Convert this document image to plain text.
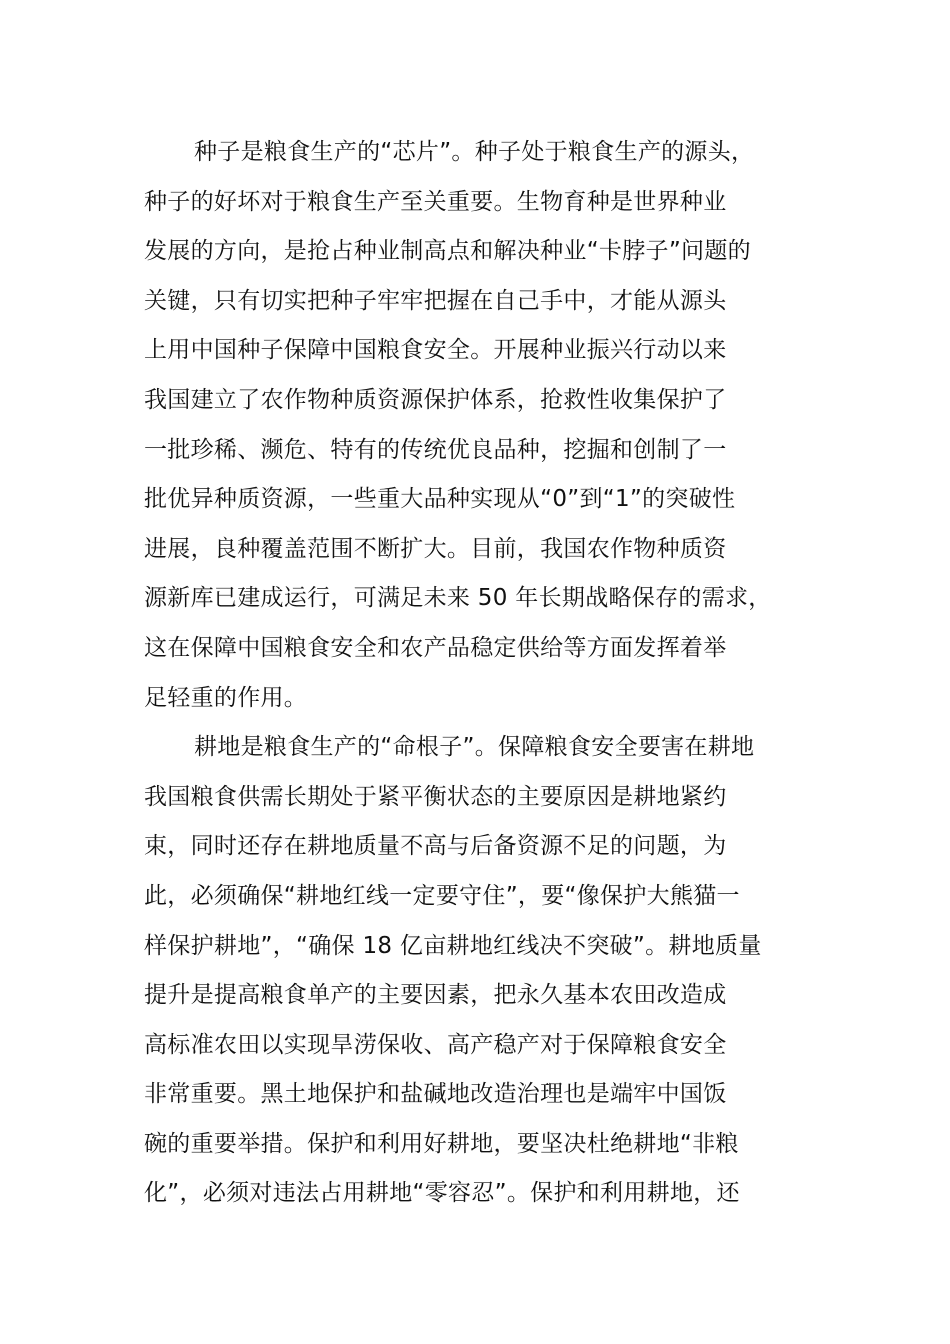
种子是粮食生产的“芯片”。种子处于粮食生产的源头，
种子的好坏对于粮食生产至关重要。生物育种是世界种业
发展的方向，是抢占种业制高点和解决种业“卡脖子”问题的
关键，只有切实把种子牢牢把握在自己手中，才能从源头
上用中国种子保障中国粮食安全。开展种业振兴行动以来
我国建立了农作物种质资源保护体系，抢救性收集保护了
一批珍稀、濒危、特有的传统优良品种，挖掘和创制了一
批优异种质资源，一些重大品种实现从“0”到“1”的突破性
进展，良种覆盖范围不断扩大。目前，我国农作物种质资
源新库已建成运行，可满足未来 50 年长期战略保存的需求，
这在保障中国粮食安全和农产品稳定供给等方面发挥着举
足轻重的作用。
耕地是粮食生产的“命根子”。保障粮食安全要害在耕地
我国粮食供需长期处于紧平衡状态的主要原因是耕地紧约
束，同时还存在耕地质量不高与后备资源不足的问题，为
此，必须确保“耕地红线一定要守住”，要“像保护大熊猫一
样保护耕地”，“确保 18 亿亩耕地红线决不突破”。耕地质量
提升是提高粮食单产的主要因素，把永久基本农田改造成
高标准农田以实现旱涝保收、高产稳产对于保障粮食安全
非常重要。黑土地保护和盐碱地改造治理也是端牢中国饭
碗的重要举措。保护和利用好耕地，要坚决杜绝耕地“非粮
化”，必须对违法占用耕地“零容忍”。保护和利用耕地，还
